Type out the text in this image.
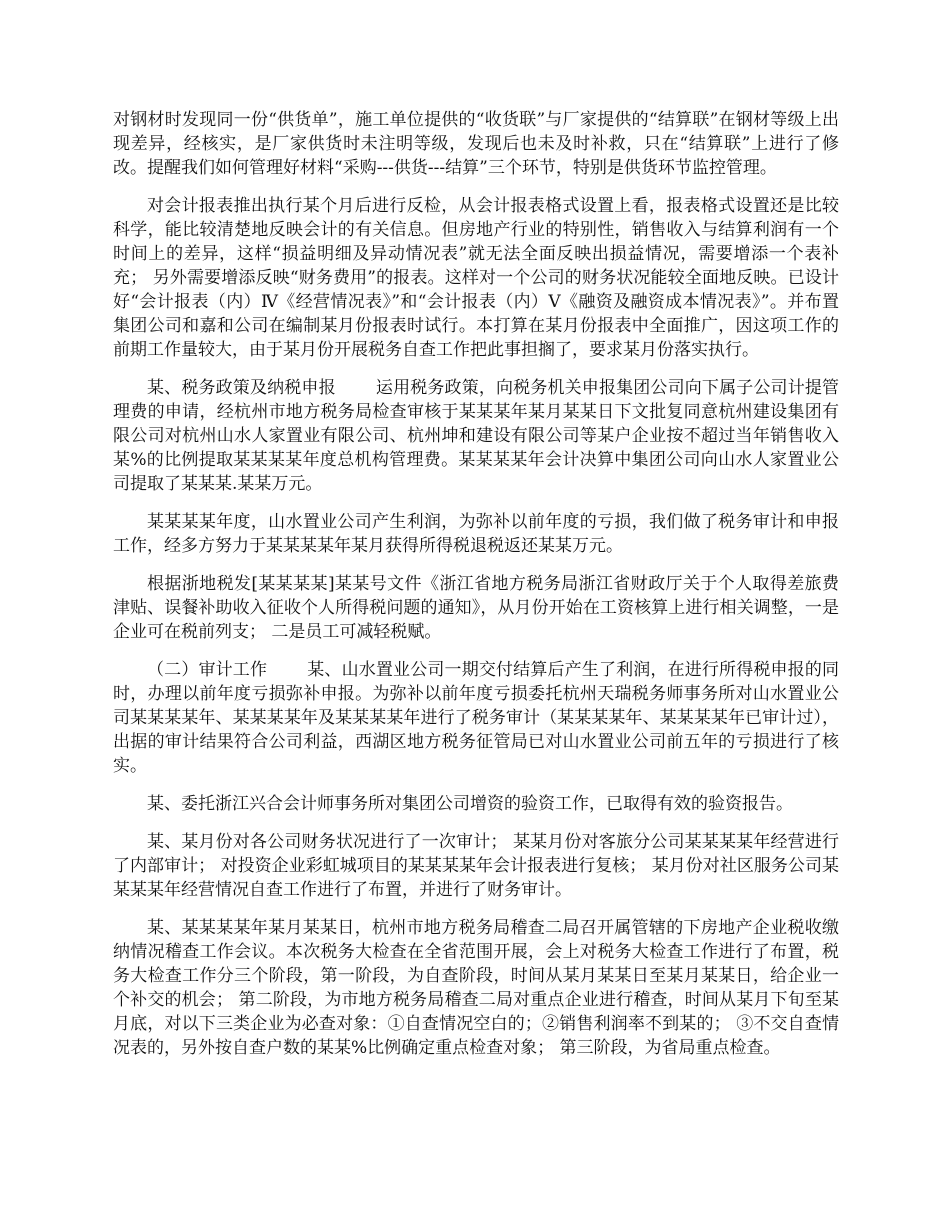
对钢材时发现同一份“供货单”，施工单位提供的“收货联”与厂家提供的“结算联”在钢材等级上出现差异，经核实，是厂家供货时未注明等级，发现后也未及时补救，只在“结算联”上进行了修改。提醒我们如何管理好材料“采购---供货---结算”三个环节，特别是供货环节监控管理。

对会计报表推出执行某个月后进行反检，从会计报表格式设置上看，报表格式设置还是比较科学，能比较清楚地反映会计的有关信息。但房地产行业的特别性，销售收入与结算利润有一个时间上的差异，这样“损益明细及异动情况表”就无法全面反映出损益情况，需要增添一个表补充； 另外需要增添反映“财务费用”的报表。这样对一个公司的财务状况能较全面地反映。已设计好“会计报表（内）Ⅳ《经营情况表》”和“会计报表（内）Ⅴ《融资及融资成本情况表》”。并布置集团公司和嘉和公司在编制某月份报表时试行。本打算在某月份报表中全面推广，因这项工作的前期工作量较大，由于某月份开展税务自查工作把此事担搁了，要求某月份落实执行。

某、税务政策及纳税申报 运用税务政策，向税务机关申报集团公司向下属子公司计提管理费的申请，经杭州市地方税务局检查审核于某某某年某月某某日下文批复同意杭州建设集团有限公司对杭州山水人家置业有限公司、杭州坤和建设有限公司等某户企业按不超过当年销售收入某%的比例提取某某某某年度总机构管理费。某某某某年会计决算中集团公司向山水人家置业公司提取了某某某.某某万元。

某某某某年度，山水置业公司产生利润，为弥补以前年度的亏损，我们做了税务审计和申报工作，经多方努力于某某某某年某月获得所得税退税返还某某万元。

根据浙地税发[某某某某]某某号文件《浙江省地方税务局浙江省财政厅关于个人取得差旅费津贴、误餐补助收入征收个人所得税问题的通知》，从月份开始在工资核算上进行相关调整，一是企业可在税前列支； 二是员工可减轻税赋。

（二）审计工作 某、山水置业公司一期交付结算后产生了利润，在进行所得税申报的同时，办理以前年度亏损弥补申报。为弥补以前年度亏损委托杭州天瑞税务师事务所对山水置业公司某某某某年、某某某某年及某某某某年进行了税务审计（某某某某年、某某某某年已审计过），出据的审计结果符合公司利益，西湖区地方税务征管局已对山水置业公司前五年的亏损进行了核实。

某、委托浙江兴合会计师事务所对集团公司增资的验资工作，已取得有效的验资报告。

某、某月份对各公司财务状况进行了一次审计； 某某月份对客旅分公司某某某某年经营进行了内部审计； 对投资企业彩虹城项目的某某某某年会计报表进行复核； 某月份对社区服务公司某某某某年经营情况自查工作进行了布置，并进行了财务审计。

某、某某某某年某月某某日，杭州市地方税务局稽查二局召开属管辖的下房地产企业税收缴纳情况稽查工作会议。本次税务大检查在全省范围开展，会上对税务大检查工作进行了布置，税务大检查工作分三个阶段，第一阶段，为自查阶段，时间从某月某某日至某月某某日，给企业一个补交的机会； 第二阶段，为市地方税务局稽查二局对重点企业进行稽查，时间从某月下旬至某月底，对以下三类企业为必查对象：①自查情况空白的；②销售利润率不到某的； ③不交自查情况表的，另外按自查户数的某某%比例确定重点检查对象； 第三阶段，为省局重点检查。
